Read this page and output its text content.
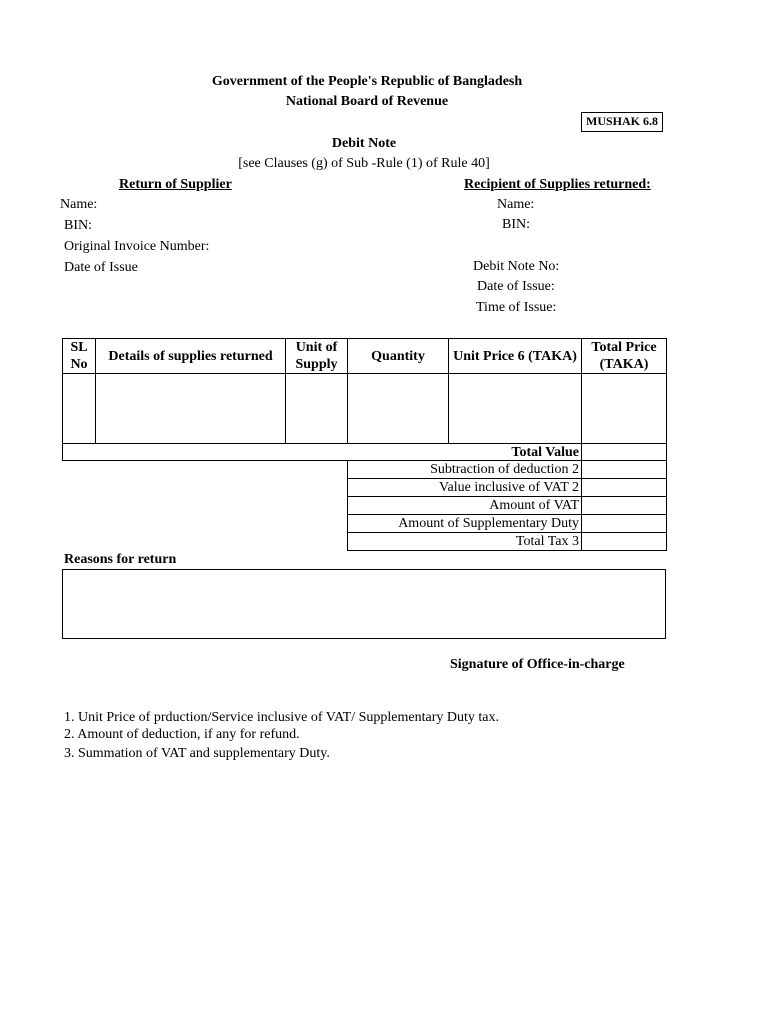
Government of the People's Republic of Bangladesh
National Board of Revenue
MUSHAK 6.8
Debit Note
[see Clauses (g) of Sub -Rule (1) of Rule 40]
Return of Supplier
Name:
BIN:
Original Invoice Number:
Date of Issue
Recipient of Supplies returned:
Name:
BIN:
Debit Note No:
Date of Issue:
Time of Issue:
SL No	Details of supplies returned	Unit of Supply	Quantity	Unit Price 6 (TAKA)	Total Price (TAKA)

Total Value					
Subtraction of deduction 2	
Value inclusive of VAT 2	
Amount of VAT	
Amount of Supplementary Duty	
Total Tax 3	
Reasons for return
Signature of Office-in-charge
1. Unit Price of prduction/Service inclusive of VAT/ Supplementary Duty tax.
2. Amount of deduction, if any for refund.
3. Summation of VAT and supplementary Duty.
